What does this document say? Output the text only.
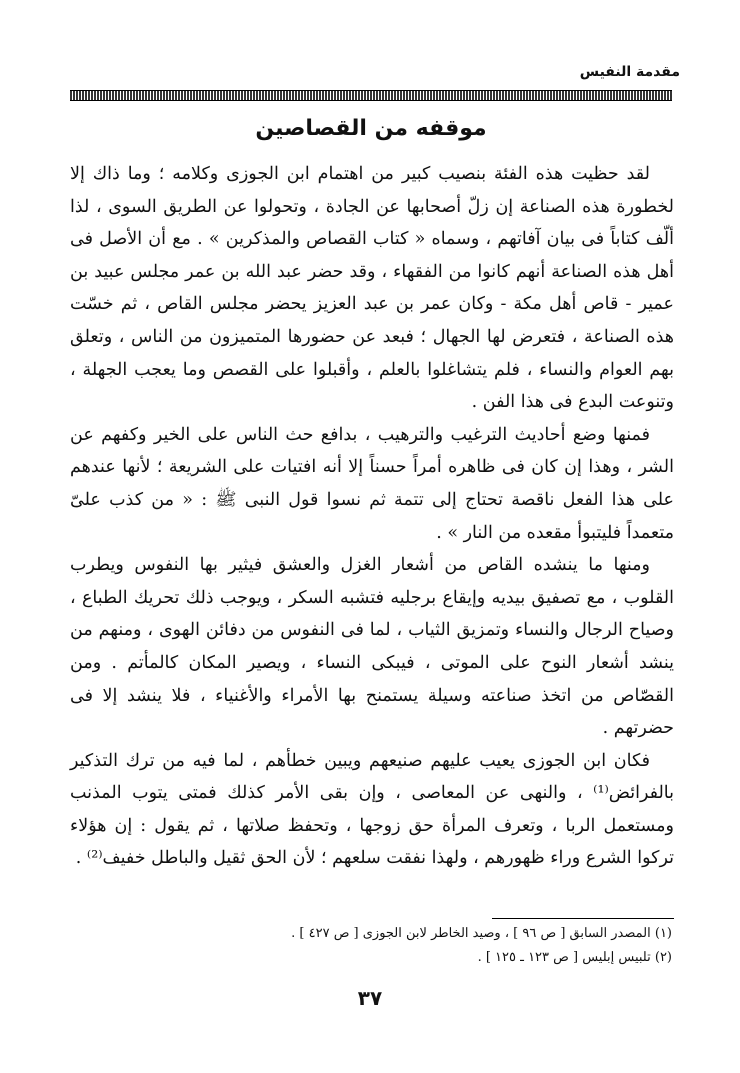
مقدمة النفيس
موقفه من القصاصين

لقد حظيت هذه الفئة بنصيب كبير من اهتمام ابن الجوزى وكلامه ؛ وما ذاك إلا لخطورة هذه الصناعة إن زلّ أصحابها عن الجادة ، وتحولوا عن الطريق السوى ، لذا ألّف كتاباً فى بيان آفاتهم ، وسماه « كتاب القصاص والمذكرين » . مع أن الأصل فى أهل هذه الصناعة أنهم كانوا من الفقهاء ، وقد حضر عبد الله بن عمر مجلس عبيد بن عمير - قاص أهل مكة - وكان عمر بن عبد العزيز يحضر مجلس القاص ، ثم خسّت هذه الصناعة ، فتعرض لها الجهال ؛ فبعد عن حضورها المتميزون من الناس ، وتعلق بهم العوام والنساء ، فلم يتشاغلوا بالعلم ، وأقبلوا على القصص وما يعجب الجهلة ، وتنوعت البدع فى هذا الفن .

فمنها وضع أحاديث الترغيب والترهيب ، بدافع حث الناس على الخير وكفهم عن الشر ، وهذا إن كان فى ظاهره أمراً حسناً إلا أنه افتيات على الشريعة ؛ لأنها عندهم على هذا الفعل ناقصة تحتاج إلى تتمة ثم نسوا قول النبى ﷺ : « من كذب علىّ متعمداً فليتبوأ مقعده من النار » .

ومنها ما ينشده القاص من أشعار الغزل والعشق فيثير بها النفوس ويطرب القلوب ، مع تصفيق بيديه وإيقاع برجليه فتشبه السكر ، ويوجب ذلك تحريك الطباع ، وصياح الرجال والنساء وتمزيق الثياب ، لما فى النفوس من دفائن الهوى ، ومنهم من ينشد أشعار النوح على الموتى ، فيبكى النساء ، ويصير المكان كالمأتم . ومن القصّاص من اتخذ صناعته وسيلة يستمنح بها الأمراء والأغنياء ، فلا ينشد إلا فى حضرتهم .

فكان ابن الجوزى يعيب عليهم صنيعهم ويبين خطأهم ، لما فيه من ترك التذكير بالفرائض⁽¹⁾ ، والنهى عن المعاصى ، وإن بقى الأمر كذلك فمتى يتوب المذنب ومستعمل الربا ، وتعرف المرأة حق زوجها ، وتحفظ صلاتها ، ثم يقول : إن هؤلاء تركوا الشرع وراء ظهورهم ، ولهذا نفقت سلعهم ؛ لأن الحق ثقيل والباطل خفيف⁽²⁾ .

(١) المصدر السابق [ ص ٩٦ ] ، وصيد الخاطر لابن الجوزى [ ص ٤٢٧ ] .
(٢) تلبيس إبليس [ ص ١٢٣ ـ ١٢٥ ] .
٣٧
